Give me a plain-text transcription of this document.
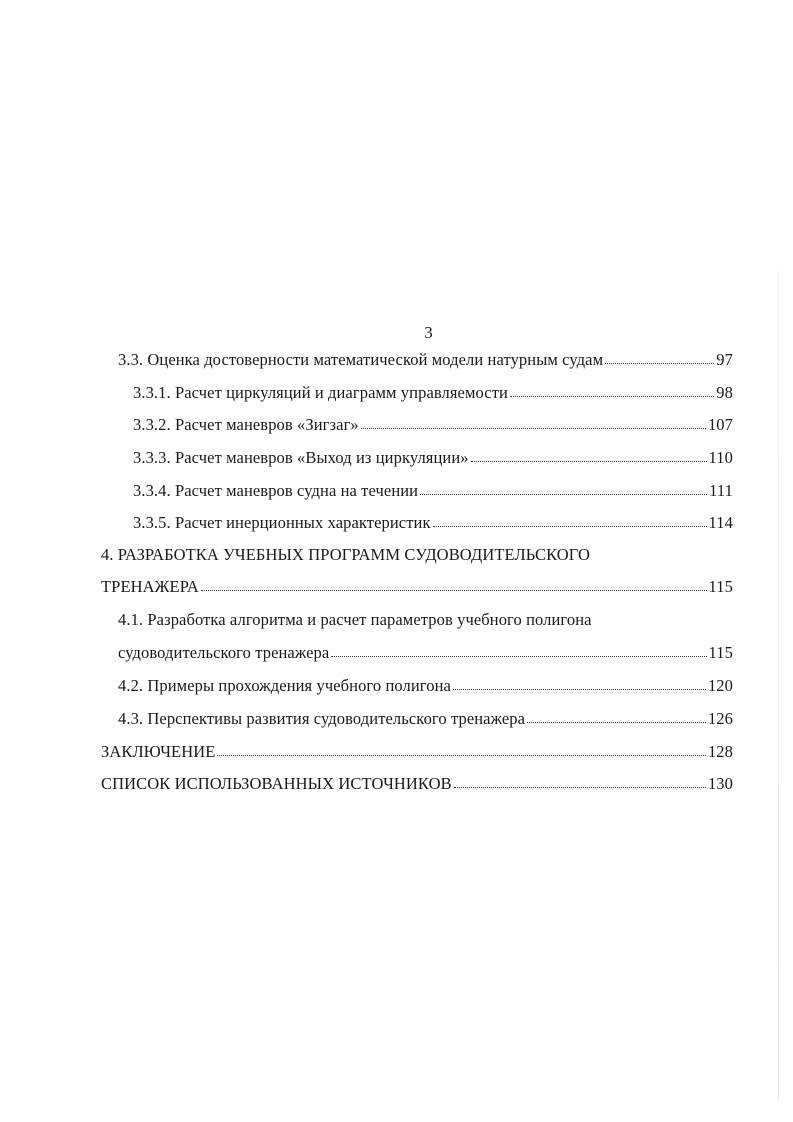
3
3.3. Оценка достоверности математической модели натурным судам	97
3.3.1. Расчет циркуляций и диаграмм управляемости	98
3.3.2. Расчет маневров «Зигзаг»	107
3.3.3. Расчет маневров «Выход из циркуляции»	110
3.3.4. Расчет маневров судна на течении	111
3.3.5. Расчет инерционных характеристик	114
4. РАЗРАБОТКА УЧЕБНЫХ ПРОГРАММ СУДОВОДИТЕЛЬСКОГО
ТРЕНАЖЕРА	115
4.1. Разработка алгоритма и расчет параметров учебного полигона
судоводительского тренажера	115
4.2. Примеры прохождения учебного полигона	120
4.3. Перспективы развития судоводительского тренажера	126
ЗАКЛЮЧЕНИЕ	128
СПИСОК ИСПОЛЬЗОВАННЫХ ИСТОЧНИКОВ	130
